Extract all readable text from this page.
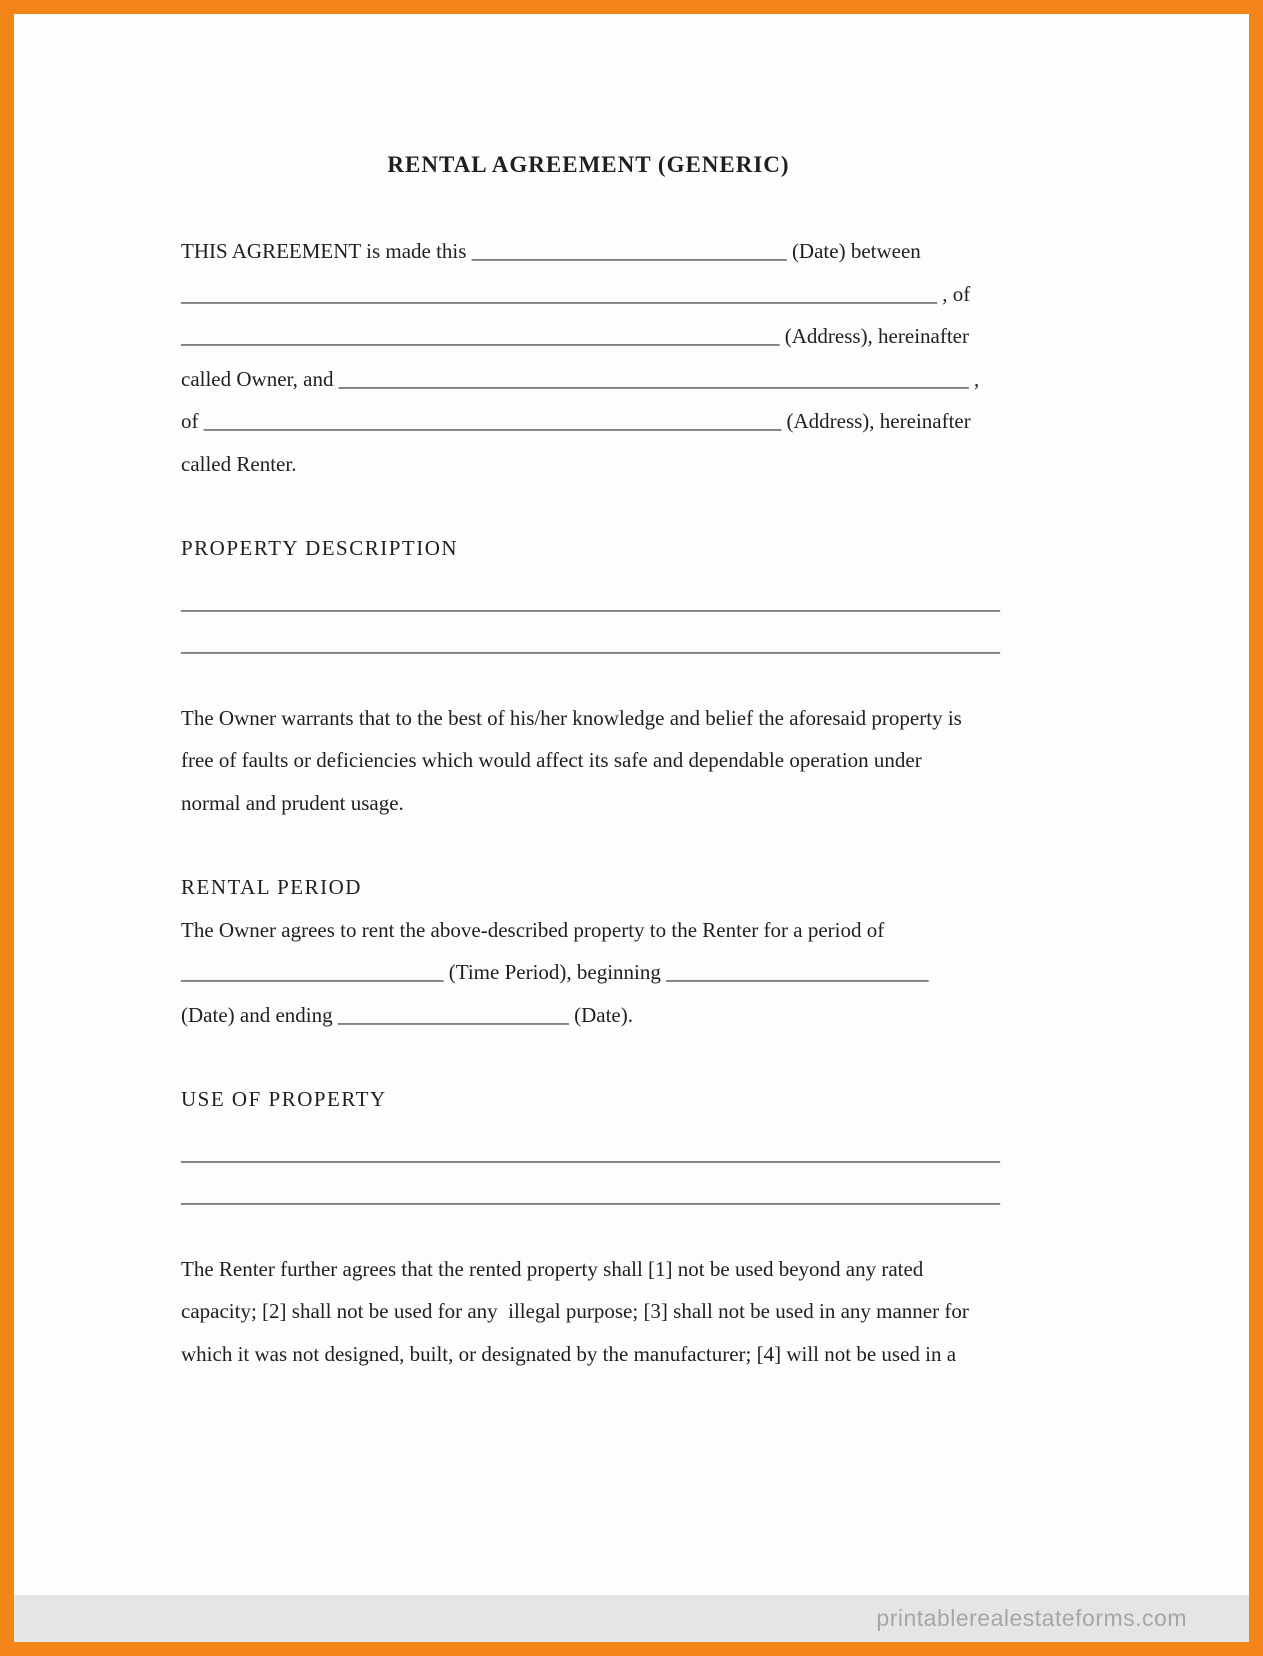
RENTAL AGREEMENT (GENERIC)

THIS AGREEMENT is made this ______________________________ (Date) between

________________________________________________________________________ , of

_________________________________________________________ (Address), hereinafter

called Owner, and ____________________________________________________________ ,

of _______________________________________________________ (Address), hereinafter

called Renter.

PROPERTY DESCRIPTION

______________________________________________________________________________

______________________________________________________________________________

The Owner warrants that to the best of his/her knowledge and belief the aforesaid property is

free of faults or deficiencies which would affect its safe and dependable operation under

normal and prudent usage.

RENTAL PERIOD

The Owner agrees to rent the above-described property to the Renter for a period of

_________________________ (Time Period), beginning _________________________

(Date) and ending ______________________ (Date).

USE OF PROPERTY

______________________________________________________________________________

______________________________________________________________________________

The Renter further agrees that the rented property shall [1] not be used beyond any rated

capacity; [2] shall not be used for any  illegal purpose; [3] shall not be used in any manner for

which it was not designed, built, or designated by the manufacturer; [4] will not be used in a

printablerealestateforms.com
